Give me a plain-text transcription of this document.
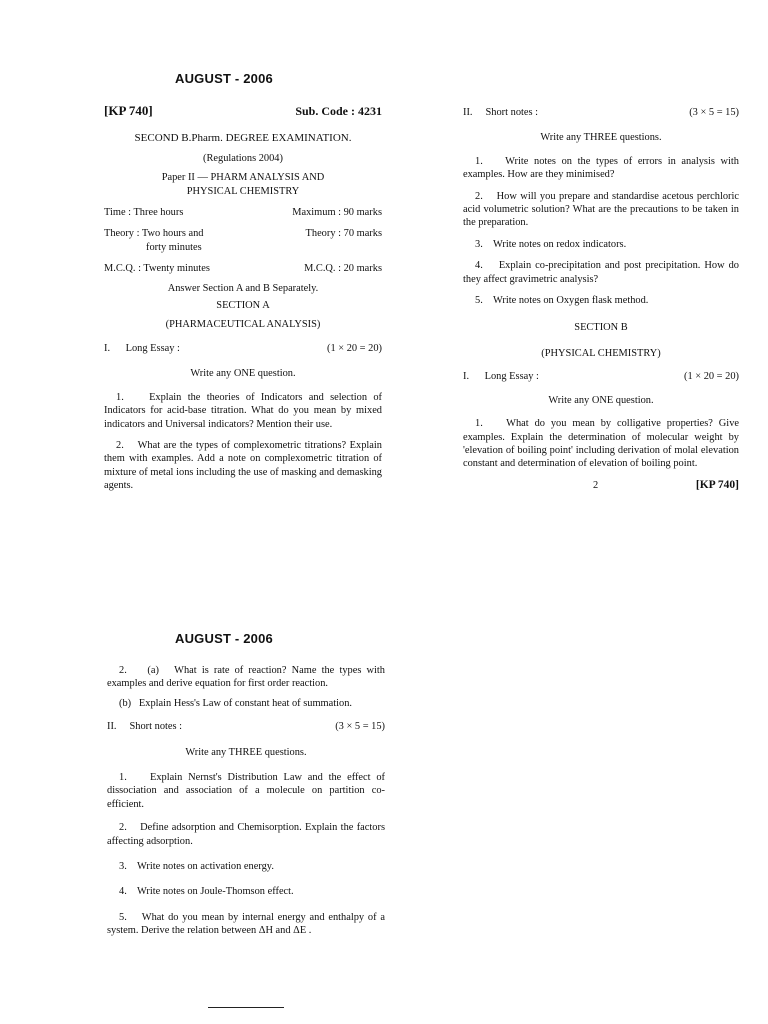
AUGUST - 2006
[KP 740]	Sub. Code : 4231
SECOND B.Pharm. DEGREE EXAMINATION.
(Regulations 2004)
Paper II — PHARM ANALYSIS AND
PHYSICAL CHEMISTRY
Time : Three hours	Maximum : 90 marks
Theory : Two hours and
forty minutes
Theory : 70 marks
M.C.Q. : Twenty minutes	M.C.Q. : 20 marks
Answer Section A and B Separately.
SECTION A
(PHARMACEUTICAL ANALYSIS)
I.      Long Essay :	(1 × 20 = 20)
Write any ONE question.
1.    Explain the theories of Indicators and selection of Indicators for acid-base titration. What do you mean by mixed indicators and Universal indicators? Mention their use.
2.    What are the types of complexometric titrations? Explain them with examples. Add a note on complexometric titration of mixture of metal ions including the use of masking and demasking agents.
II.     Short notes :	(3 × 5 = 15)
Write any THREE questions.
1.    Write notes on the types of errors in analysis with examples. How are they minimised?
2.    How will you prepare and standardise acetous perchloric acid volumetric solution? What are the precautions to be taken in the preparation.
3.    Write notes on redox indicators.
4.    Explain co-precipitation and post precipitation. How do they affect gravimetric analysis?
5.    Write notes on Oxygen flask method.
SECTION B
(PHYSICAL CHEMISTRY)
I.      Long Essay :	(1 × 20 = 20)
Write any ONE question.
1.    What do you mean by colligative properties? Give examples. Explain the determination of molecular weight by 'elevation of boiling point' including derivation of molal elevation constant and determination of elevation of boiling point.
2	[KP 740]
AUGUST - 2006
2.    (a)   What is rate of reaction? Name the types with examples and derive equation for first order reaction.
(b)   Explain Hess's Law of constant heat of summation.
II.     Short notes :	(3 × 5 = 15)
Write any THREE questions.
1.    Explain Nernst's Distribution Law and the effect of dissociation and association of a molecule on partition co-efficient.
2.    Define adsorption and Chemisorption. Explain the factors affecting adsorption.
3.    Write notes on activation energy.
4.    Write notes on Joule-Thomson effect.
5.    What do you mean by internal energy and enthalpy of a system. Derive the relation between ΔH and ΔE .
